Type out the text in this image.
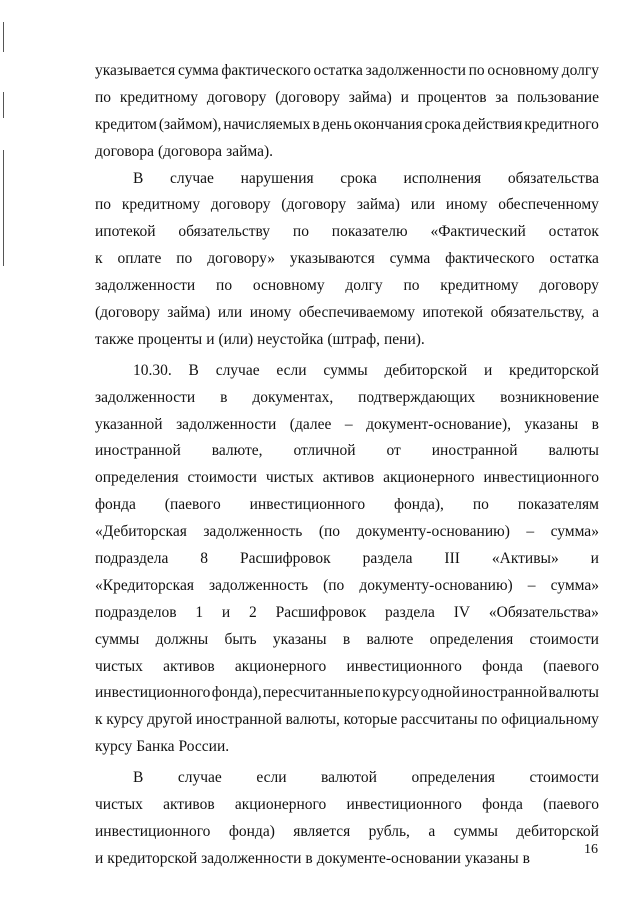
указывается сумма фактического остатка задолженности по основному долгу
по кредитному договору (договору займа) и процентов за пользование
кредитом (займом), начисляемых в день окончания срока действия кредитного
договора (договора займа).
В случае нарушения срока исполнения обязательства
по кредитному договору (договору займа) или иному обеспеченному
ипотекой обязательству по показателю «Фактический остаток
к оплате по договору» указываются сумма фактического остатка
задолженности по основному долгу по кредитному договору
(договору займа) или иному обеспечиваемому ипотекой обязательству, а
также проценты и (или) неустойка (штраф, пени).
10.30. В случае если суммы дебиторской и кредиторской
задолженности в документах, подтверждающих возникновение
указанной задолженности (далее – документ-основание), указаны в
иностранной валюте, отличной от иностранной валюты
определения стоимости чистых активов акционерного инвестиционного
фонда (паевого инвестиционного фонда), по показателям
«Дебиторская задолженность (по документу-основанию) – сумма»
подраздела 8 Расшифровок раздела III «Активы» и
«Кредиторская задолженность (по документу-основанию) – сумма»
подразделов 1 и 2 Расшифровок раздела IV «Обязательства»
суммы должны быть указаны в валюте определения стоимости
чистых активов акционерного инвестиционного фонда (паевого
инвестиционного фонда), пересчитанные по курсу одной иностранной валюты
к курсу другой иностранной валюты, которые рассчитаны по официальному
курсу Банка России.
В случае если валютой определения стоимости
чистых активов акционерного инвестиционного фонда (паевого
инвестиционного фонда) является рубль, а суммы дебиторской
и кредиторской задолженности в документе-основании указаны в
16
